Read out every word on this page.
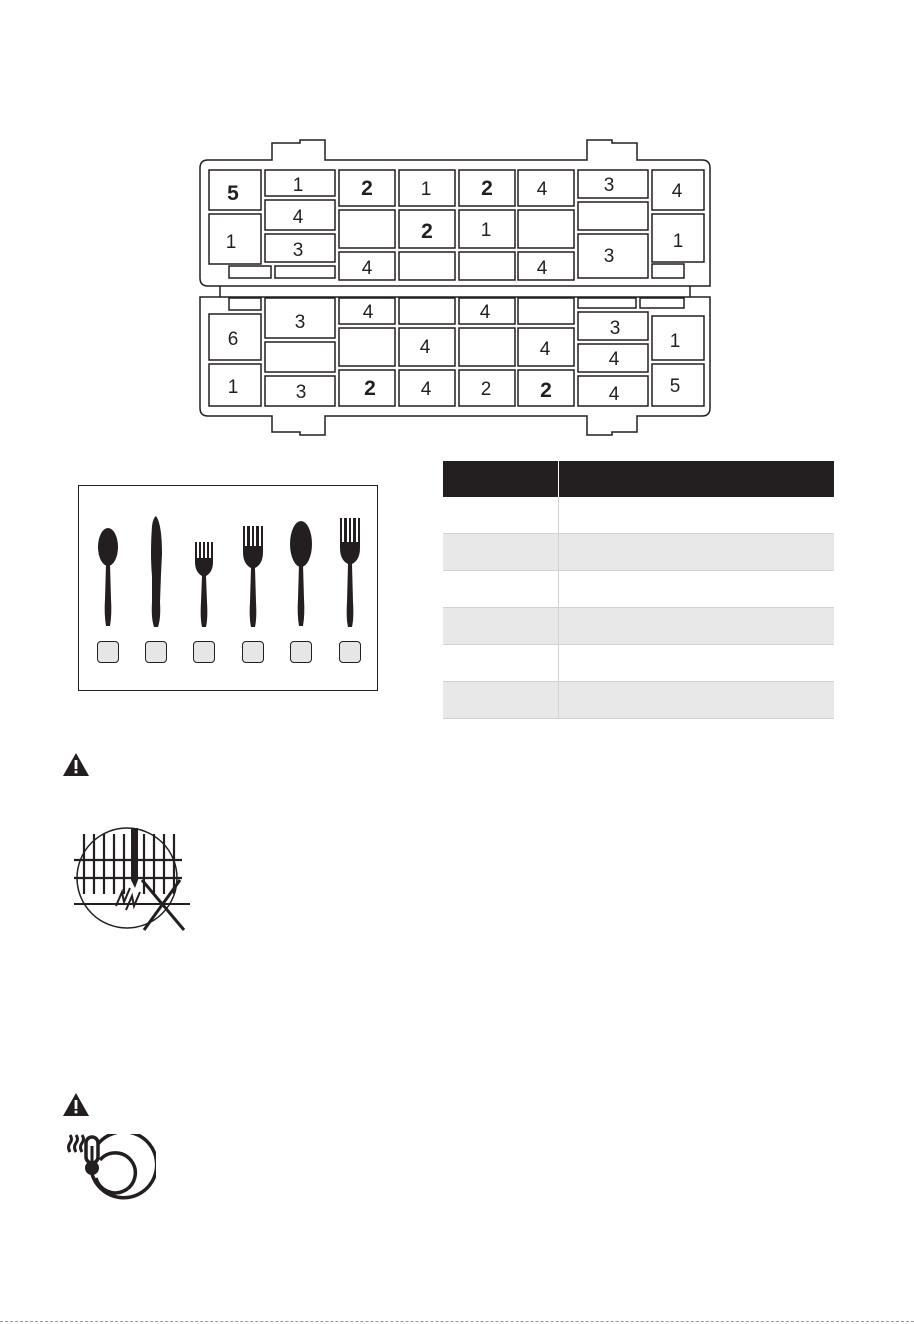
5	1	2	1 2 4	3	4
4
2	1
1	1
3	3
4	4
4	4
3	3
6	1
4	4	4
1	3	2 4	2 2	4	5
